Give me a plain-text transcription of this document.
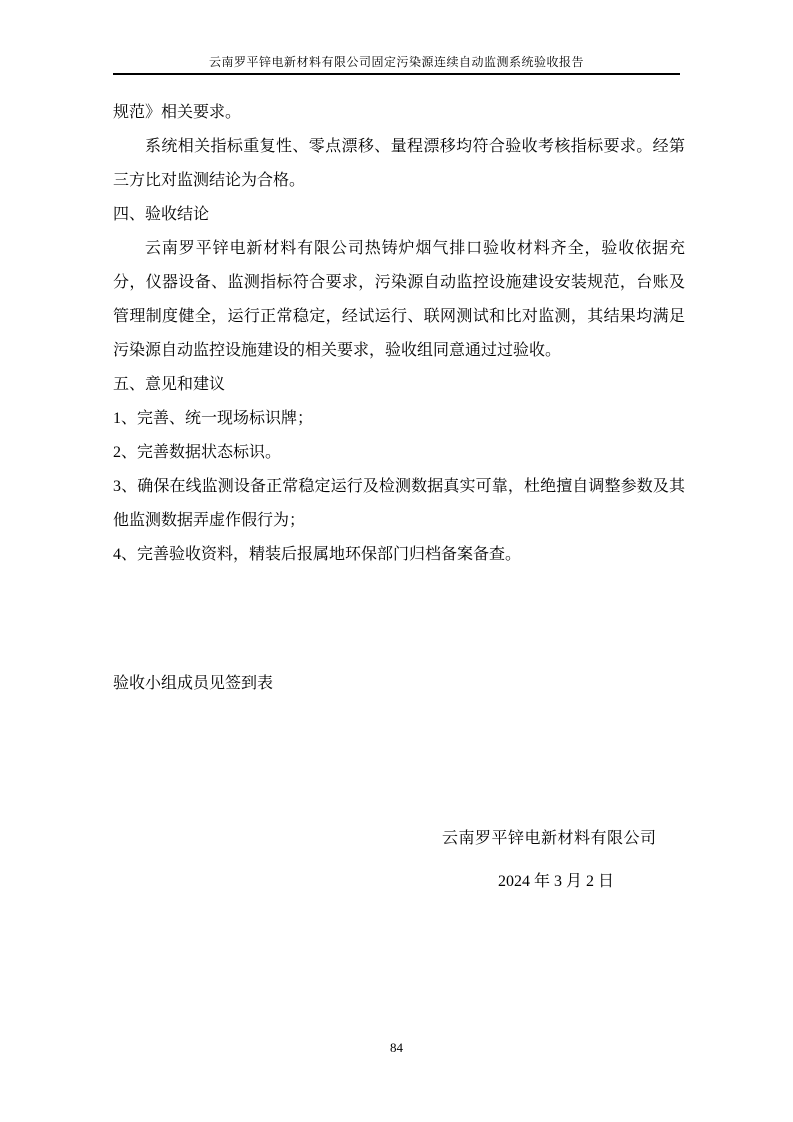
云南罗平锌电新材料有限公司固定污染源连续自动监测系统验收报告

规范》相关要求。

系统相关指标重复性、零点漂移、量程漂移均符合验收考核指标要求。经第三方比对监测结论为合格。

四、验收结论

云南罗平锌电新材料有限公司热铸炉烟气排口验收材料齐全，验收依据充分，仪器设备、监测指标符合要求，污染源自动监控设施建设安装规范，台账及管理制度健全，运行正常稳定，经试运行、联网测试和比对监测，其结果均满足污染源自动监控设施建设的相关要求，验收组同意通过过验收。

五、意见和建议

1、完善、统一现场标识牌；

2、完善数据状态标识。

3、确保在线监测设备正常稳定运行及检测数据真实可靠，杜绝擅自调整参数及其他监测数据弄虚作假行为；

4、完善验收资料，精装后报属地环保部门归档备案备查。

验收小组成员见签到表
云南罗平锌电新材料有限公司
2024 年 3 月 2 日
84
